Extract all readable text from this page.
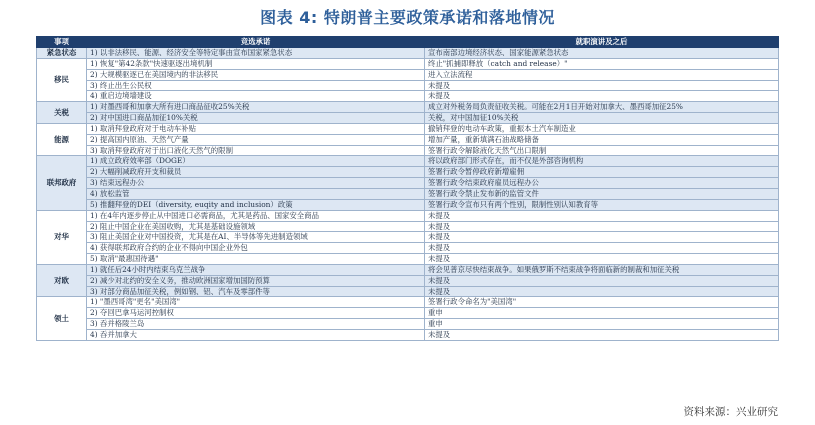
图表 4: 特朗普主要政策承诺和落地情况
事项	竞选承诺	就职演讲及之后
紧急状态	1) 以非法移民、能源、经济安全等特定事由宣布国家紧急状态	宣布南部边境经济状态、国家能源紧急状态
移民	1) 恢复"第42条款"快速驱逐出境机制	终止"抓捕即释放（catch and release）"
	2) 大规模驱逐已在美国境内的非法移民	进入立法流程
	3) 终止出生公民权	未提及
	4) 重启边境墙建设	未提及
关税	1) 对墨西哥和加拿大所有进口商品征收25%关税	成立对外税务局负责征收关税。可能在2月1日开始对加拿大、墨西哥加征25%
	2) 对中国进口商品加征10%关税	关税，对中国加征10%关税
能源	1) 取消拜登政府对于电动车补贴	撤销拜登的电动车政策，重振本土汽车制造业
	2) 提高国内原油、天然气产量	增加产量，重新填满石油战略储备
	3) 取消拜登政府对于出口液化天然气的限制	签署行政令解除液化天然气出口限制
联邦政府	1) 成立政府效率部（DOGE）	将以政府部门形式存在，而不仅是外部咨询机构
	2) 大幅削减政府开支和裁员	签署行政令暂停政府新增雇佣
	3) 结束远程办公	签署行政令结束政府雇员远程办公
	4) 放松监管	签署行政令禁止发布新的监管文件
	5) 推翻拜登的DEI（diversity, euqity and inclusion）政策	签署行政令宣布只有两个性别，限制性别认知教育等
对华	1) 在4年内逐步停止从中国进口必需商品，尤其是药品、国家安全商品	未提及
	2) 阻止中国企业在美国收购，尤其是基础设施领域	未提及
	3) 阻止美国企业对中国投资，尤其是在AI、半导体等先进制造领域	未提及
	4) 获得联邦政府合约的企业不得向中国企业外包	未提及
	5) 取消"最惠国待遇"	未提及
对欧	1) 就任后24小时内结束乌克兰战争	将会见普京尽快结束战争。如果俄罗斯不结束战争将面临新的制裁和加征关税
	2) 减少对北约的安全义务，推动欧洲国家增加国防预算	未提及
	3) 对部分商品加征关税，例如钢、铝、汽车及零部件等	未提及
领土	1) "墨西哥湾"更名"美国湾"	签署行政令命名为"美国湾"
	2) 夺回巴拿马运河控制权	重申
	3) 吞并格陵兰岛	重申
	4) 吞并加拿大	未提及
资料来源：兴业研究
